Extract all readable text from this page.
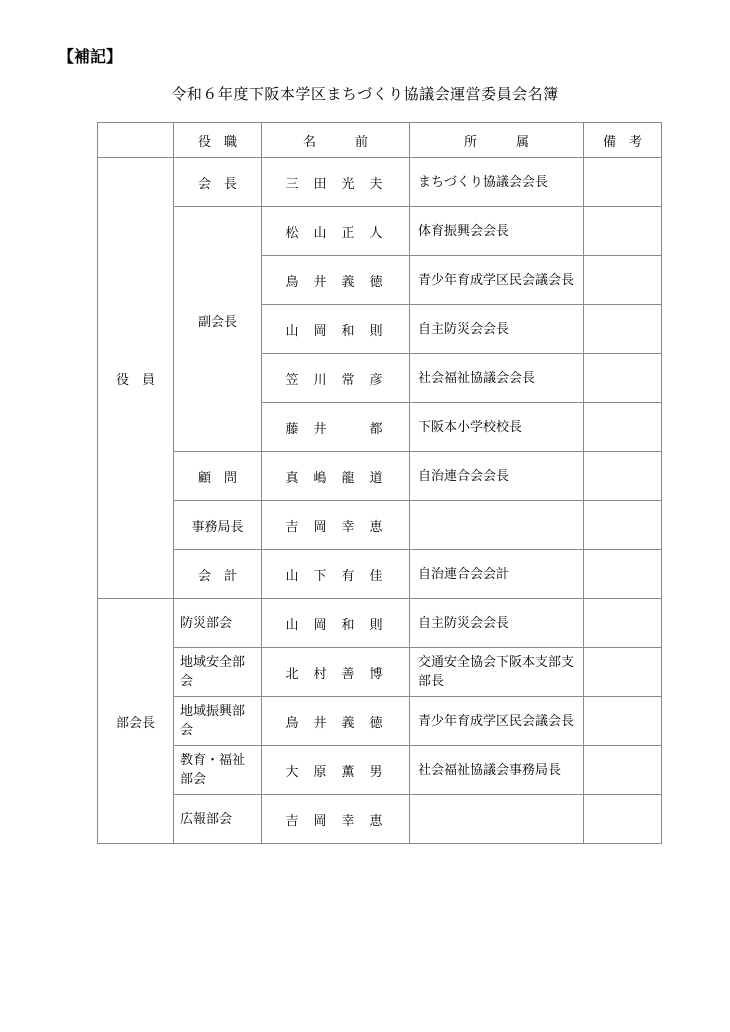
【補記】
令和６年度下阪本学区まちづくり協議会運営委員会名簿
	役　職	名　　　前	所　　　属	備　考
役　員	会　長	三田光夫	まちづくり協議会会長	
	副会長	松山正人	体育振興会会長	
		鳥井義徳	青少年育成学区民会議会長	
		山岡和則	自主防災会会長	
		笠川常彦	社会福祉協議会会長	
		藤井　都	下阪本小学校校長	
	顧　問	真嶋龍道	自治連合会会長	
	事務局長	吉岡幸恵		
	会　計	山下有佳	自治連合会会計	
部会長	防災部会	山岡和則	自主防災会会長	
	地域安全部会	北村善博	交通安全協会下阪本支部支部長	
	地域振興部会	鳥井義徳	青少年育成学区民会議会長	
	教育・福祉部会	大原薫男	社会福祉協議会事務局長	
	広報部会	吉岡幸恵		
